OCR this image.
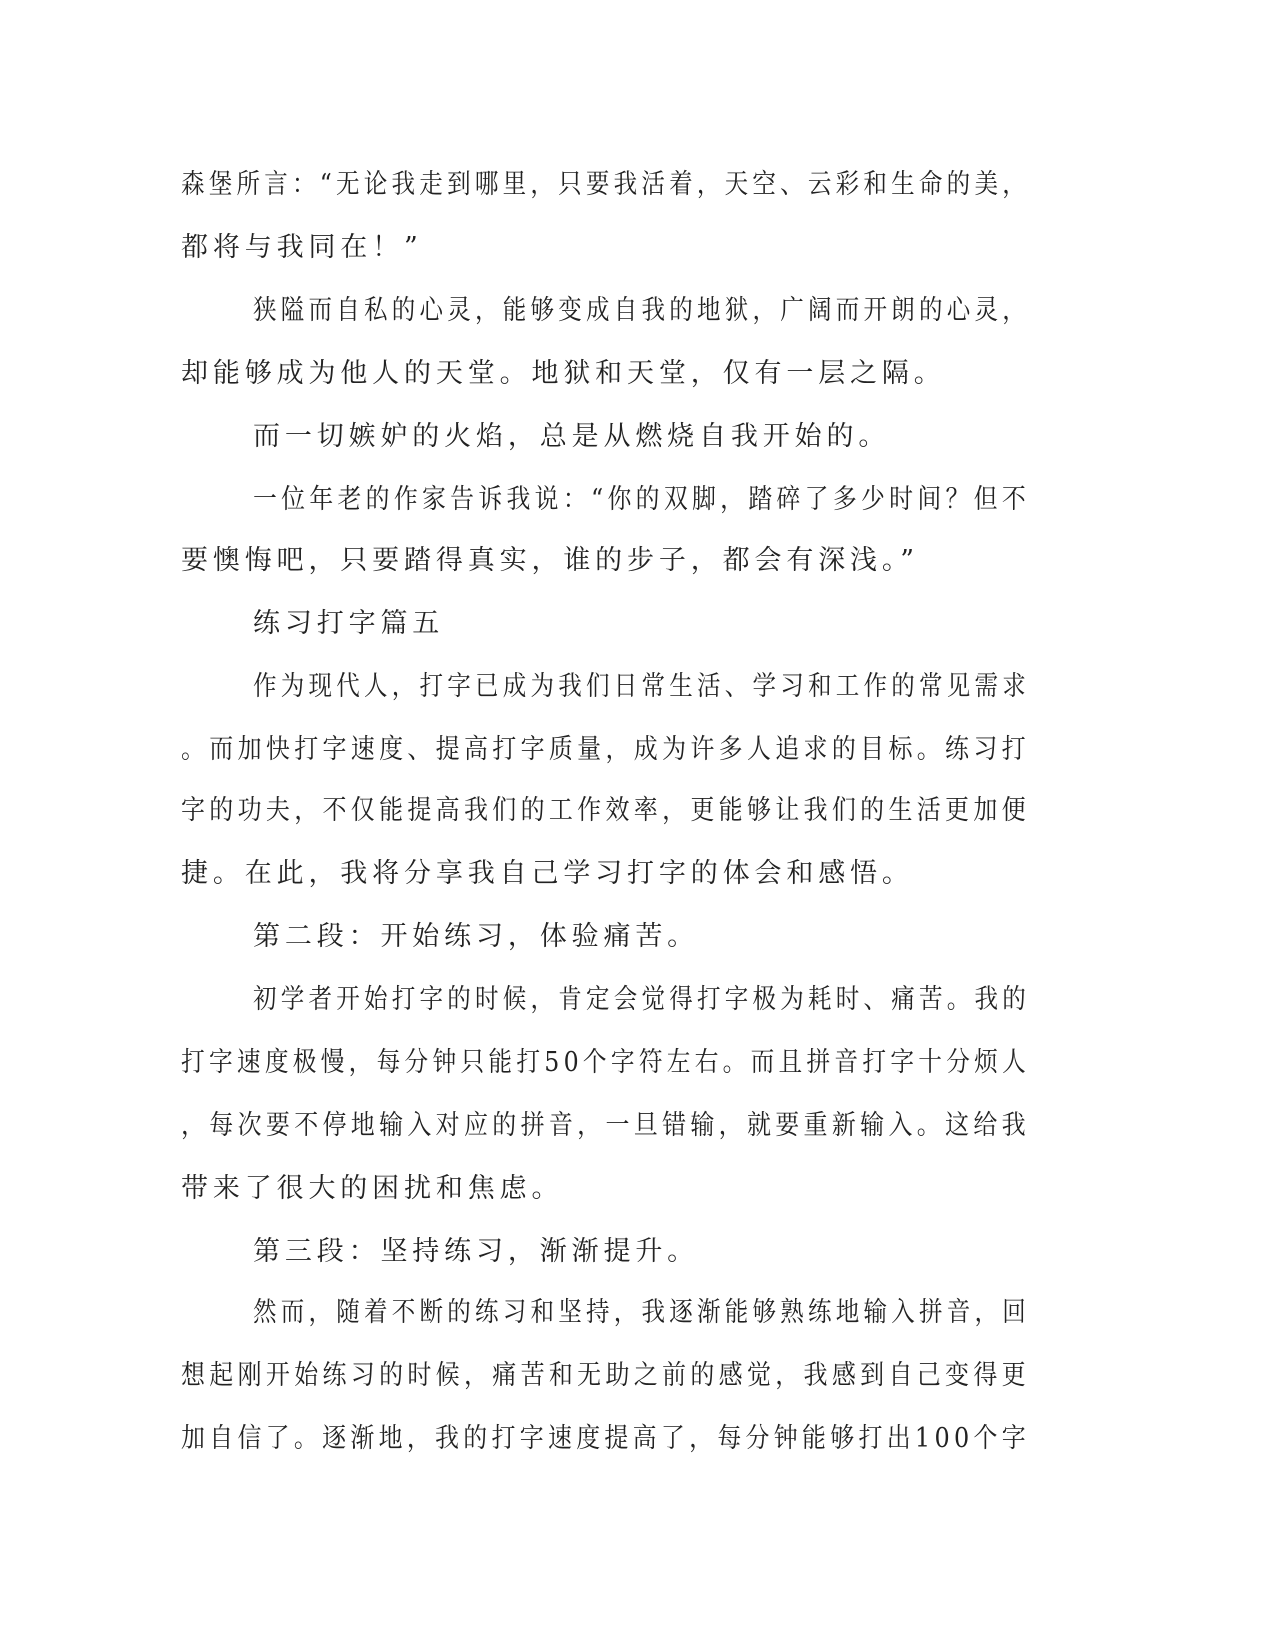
森堡所言：“无论我走到哪里，只要我活着，天空、云彩和生命的美，
都将与我同在！”
狭隘而自私的心灵，能够变成自我的地狱，广阔而开朗的心灵，
却能够成为他人的天堂。地狱和天堂，仅有一层之隔。
而一切嫉妒的火焰，总是从燃烧自我开始的。
一位年老的作家告诉我说：“你的双脚，踏碎了多少时间？但不
要懊悔吧，只要踏得真实，谁的步子，都会有深浅。”
练习打字篇五
作为现代人，打字已成为我们日常生活、学习和工作的常见需求
。而加快打字速度、提高打字质量，成为许多人追求的目标。练习打
字的功夫，不仅能提高我们的工作效率，更能够让我们的生活更加便
捷。在此，我将分享我自己学习打字的体会和感悟。
第二段：开始练习，体验痛苦。
初学者开始打字的时候，肯定会觉得打字极为耗时、痛苦。我的
打字速度极慢，每分钟只能打50个字符左右。而且拼音打字十分烦人
，每次要不停地输入对应的拼音，一旦错输，就要重新输入。这给我
带来了很大的困扰和焦虑。
第三段：坚持练习，渐渐提升。
然而，随着不断的练习和坚持，我逐渐能够熟练地输入拼音，回
想起刚开始练习的时候，痛苦和无助之前的感觉，我感到自己变得更
加自信了。逐渐地，我的打字速度提高了，每分钟能够打出100个字
